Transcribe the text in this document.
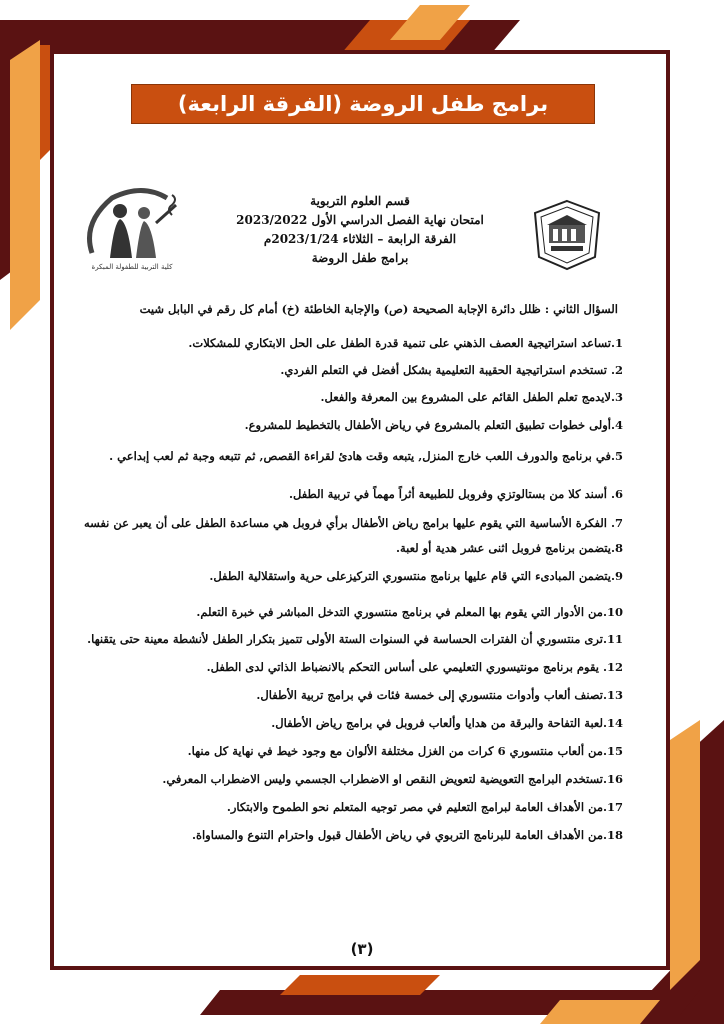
برامج طفل الروضة (الفرقة الرابعة)
كلية التربية للطفولة المبكرة
قسم العلوم التربوية
امتحان نهاية الفصل الدراسي الأول 2023/2022
الفرقة الرابعة – الثلاثاء 2023/1/24م
برامج طفل الروضة
السؤال الثاني : ظلل دائرة الإجابة الصحيحة (ص) والإجابة الخاطئة (خ) أمام كل رقم في البابل شيت
1.تساعد استراتيجية العصف الذهني على تنمية قدرة الطفل على الحل الابتكاري للمشكلات.
2. تستخدم استراتيجية الحقيبة التعليمية بشكل أفضل في التعلم الفردي.
3.لايدمج تعلم الطفل القائم على المشروع بين المعرفة والفعل.
4.أولى خطوات تطبيق التعلم بالمشروع في رياض الأطفال بالتخطيط للمشروع.
5.في برنامج والدورف اللعب خارج المنزل, يتبعه وقت هادئ لقراءة القصص, ثم تتبعه وجبة ثم لعب إبداعي .
6. أسند كلا من بستالوتزي وفروبل للطبيعة أثراً مهماً في تربية الطفل.
7. الفكرة الأساسية التي يقوم عليها برامج رياض الأطفال برأي فروبل هي مساعدة الطفل على أن يعبر عن نفسه
8.يتضمن برنامج فروبل اثنى عشر هدية أو لعبة.
9.يتضمن المبادىء التي قام عليها برنامج منتسوري التركيزعلى حرية واستقلالية الطفل.
10.من الأدوار التي يقوم بها المعلم في برنامج منتسوري التدخل المباشر في خبرة التعلم.
11.ترى منتسوري أن الفترات الحساسة في السنوات الستة الأولى تتميز بتكرار الطفل لأنشطة معينة حتى يتقنها.
12. يقوم برنامج مونتيسوري التعليمي على أساس التحكم بالانضباط الذاتي لدى الطفل.
13.تصنف ألعاب وأدوات منتسوري إلى خمسة فئات في برامج تربية الأطفال.
14.لعبة التفاحة والبرقة من هدايا وألعاب فروبل في برامج رياض الأطفال.
15.من ألعاب منتسوري 6 كرات من الغزل مختلفة الألوان مع وجود خيط في نهاية كل منها.
16.تستخدم البرامج التعويضية لتعويض النقص او الاضطراب الجسمي وليس الاضطراب المعرفي.
17.من الأهداف العامة لبرامج التعليم في مصر توجيه المتعلم نحو الطموح والابتكار.
18.من الأهداف العامة للبرنامج التربوي في رياض الأطفال قبول واحترام التنوع والمساواة.
(٣)
